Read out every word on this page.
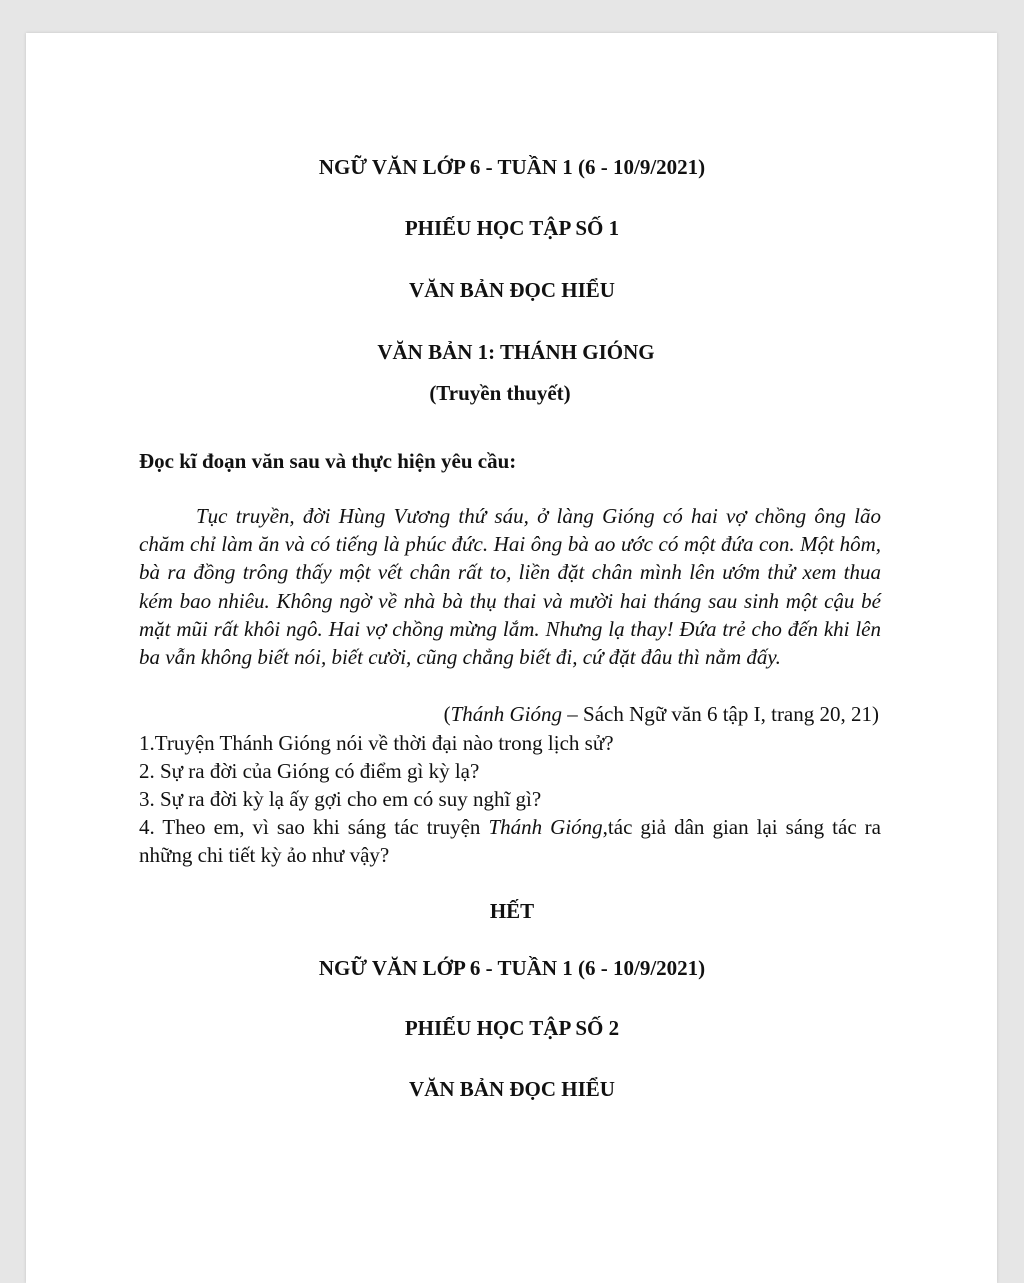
NGỮ VĂN LỚP 6 - TUẦN 1 (6 - 10/9/2021)

PHIẾU HỌC TẬP SỐ 1

VĂN BẢN ĐỌC HIỂU

VĂN BẢN 1: THÁNH GIÓNG

(Truyền thuyết)

Đọc kĩ đoạn văn sau và thực hiện yêu cầu:

Tục truyền, đời Hùng Vương thứ sáu, ở làng Gióng có hai vợ chồng ông lão chăm chỉ làm ăn và có tiếng là phúc đức. Hai ông bà ao ước có một đứa con. Một hôm, bà ra đồng trông thấy một vết chân rất to, liền đặt chân mình lên ướm thử xem thua kém bao nhiêu. Không ngờ về nhà bà thụ thai và mười hai tháng sau sinh một cậu bé mặt mũi rất khôi ngô. Hai vợ chồng mừng lắm. Nhưng lạ thay! Đứa trẻ cho đến khi lên ba vẫn không biết nói, biết cười, cũng chẳng biết đi, cứ đặt đâu thì nằm đấy.

(Thánh Gióng – Sách Ngữ văn 6 tập I, trang 20, 21)

1.Truyện Thánh Gióng nói về thời đại nào trong lịch sử?

2. Sự ra đời của Gióng có điểm gì kỳ lạ?

3. Sự ra đời kỳ lạ ấy gợi cho em có suy nghĩ gì?

4. Theo em, vì sao khi sáng tác truyện Thánh Gióng,tác giả dân gian lại sáng tác ra những chi tiết kỳ ảo như vậy?

HẾT

NGỮ VĂN LỚP 6 - TUẦN 1 (6 - 10/9/2021)

PHIẾU HỌC TẬP SỐ 2

VĂN BẢN ĐỌC HIỂU
